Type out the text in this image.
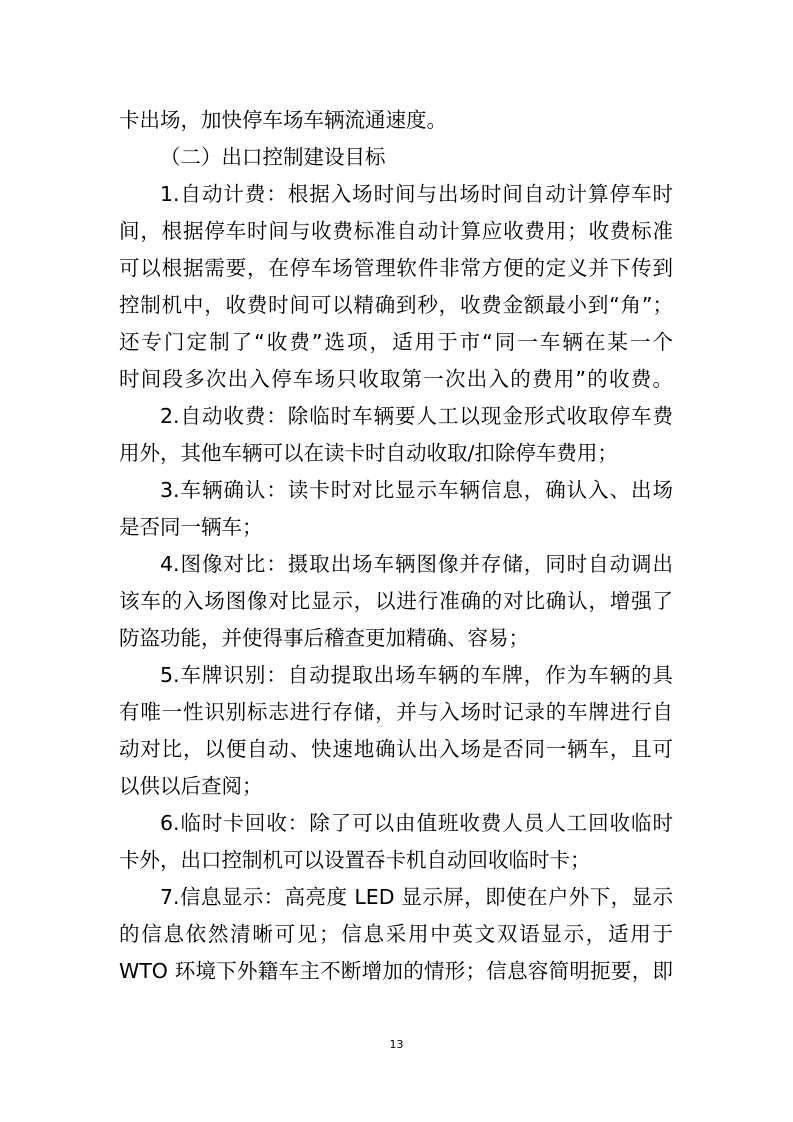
卡出场，加快停车场车辆流通速度。
（二）出口控制建设目标
1.自动计费：根据入场时间与出场时间自动计算停车时
间，根据停车时间与收费标准自动计算应收费用；收费标准
可以根据需要，在停车场管理软件非常方便的定义并下传到
控制机中，收费时间可以精确到秒，收费金额最小到“角”；
还专门定制了“收费”选项，适用于市“同一车辆在某一个
时间段多次出入停车场只收取第一次出入的费用”的收费。
2.自动收费：除临时车辆要人工以现金形式收取停车费
用外，其他车辆可以在读卡时自动收取/扣除停车费用；
3.车辆确认：读卡时对比显示车辆信息，确认入、出场
是否同一辆车；
4.图像对比：摄取出场车辆图像并存储，同时自动调出
该车的入场图像对比显示，以进行准确的对比确认，增强了
防盗功能，并使得事后稽查更加精确、容易；
5.车牌识别：自动提取出场车辆的车牌，作为车辆的具
有唯一性识别标志进行存储，并与入场时记录的车牌进行自
动对比，以便自动、快速地确认出入场是否同一辆车，且可
以供以后查阅；
6.临时卡回收：除了可以由值班收费人员人工回收临时
卡外，出口控制机可以设置吞卡机自动回收临时卡；
7.信息显示：高亮度 LED 显示屏，即使在户外下，显示
的信息依然清晰可见；信息采用中英文双语显示，适用于
WTO 环境下外籍车主不断增加的情形；信息容简明扼要，即
13
